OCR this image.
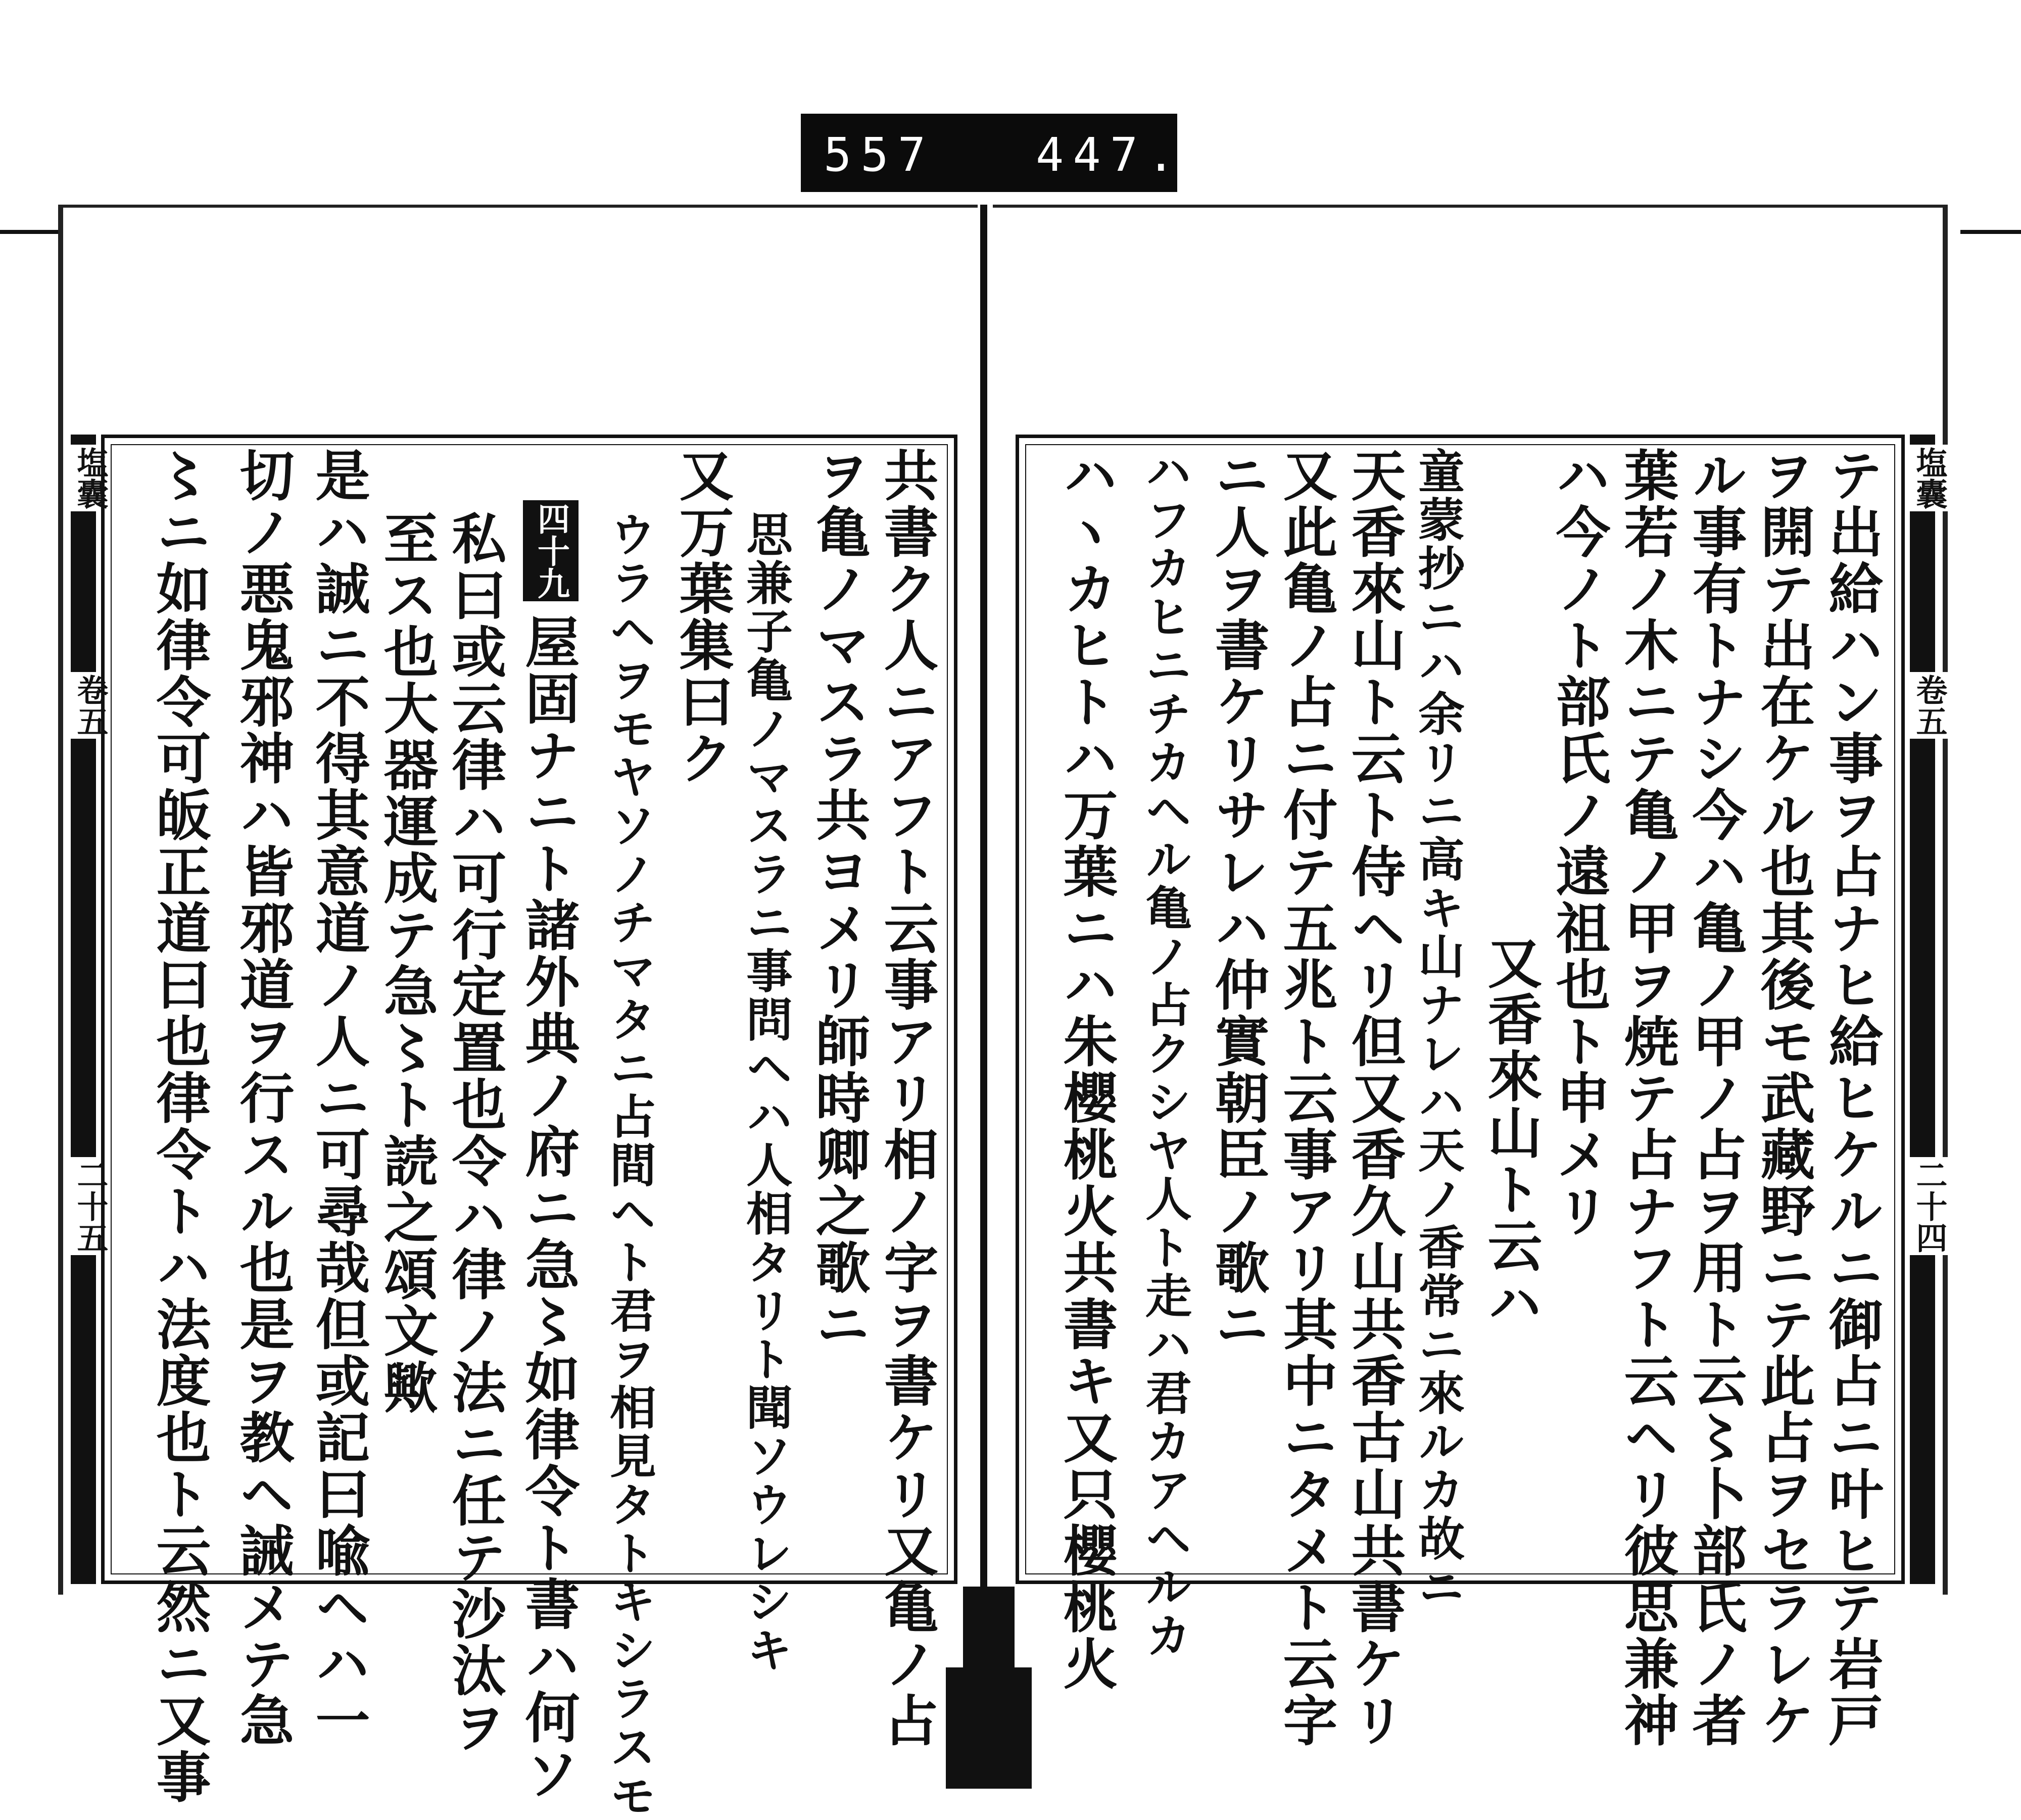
557 447.
塩囊
卷五
二十五
塩囊
卷五
二十四
テ出給ハン事ヲ占ナヒ給ヒケルニ御占ニ叶ヒテ岩戸
ヲ開テ出在ケル也其後モ武藏野ニテ此占ヲセラレケ
ル事有トナシ今ハ亀ノ甲ノ占ヲ用ト云〻卜部氏ノ者
葉若ノ木ニテ亀ノ甲ヲ焼テ占ナフト云ヘリ彼思兼神
ハ今ノト部氏ノ遠祖也ト申メリ
又香來山ト云ハ
童蒙抄ニハ余リニ高キ山ナレハ天ノ香常ニ來ルカ故ニ
天香來山ト云ト侍ヘリ但又香久山共香古山共書ケリ
又此亀ノ占ニ付テ五兆ト云事アリ其中ニタメト云字
ニ人ヲ書ケリサレハ仲實朝臣ノ歌ニ
ハフカヒニチカヘル亀ノ占クシヤ人ト走ハ君カアヘルカ
ハヽカヒトハ万葉ニハ朱櫻桃火共書キ又只櫻桃火
共書ク人ニアフト云事アリ相ノ字ヲ書ケリ又亀ノ占
ヲ亀ノマスラ共ヨメリ師時卿之歌ニ
思兼子亀ノマスラニ事問ヘハ人相タリト聞ソウレシキ
又万葉集曰ク
ウラヘヲモヤソノチマタニ占間ヘト君ヲ相見タトキシラスモ
四十九
屋固ナニト諸外典ノ府ニ急〻如律令ト書ハ何ソ
私曰或云律ハ可行定置也令ハ律ノ法ニ任テ沙汰ヲ
至ス也大器運成テ急〻ト読之頌文歟
是ハ誠ニ不得其意道ノ人ニ可尋哉但或記曰喩ヘハ一
切ノ悪鬼邪神ハ皆邪道ヲ行スル也是ヲ教ヘ誡メテ急
〻ニ如律令可皈正道曰也律令トハ法度也ト云然ニ又事
